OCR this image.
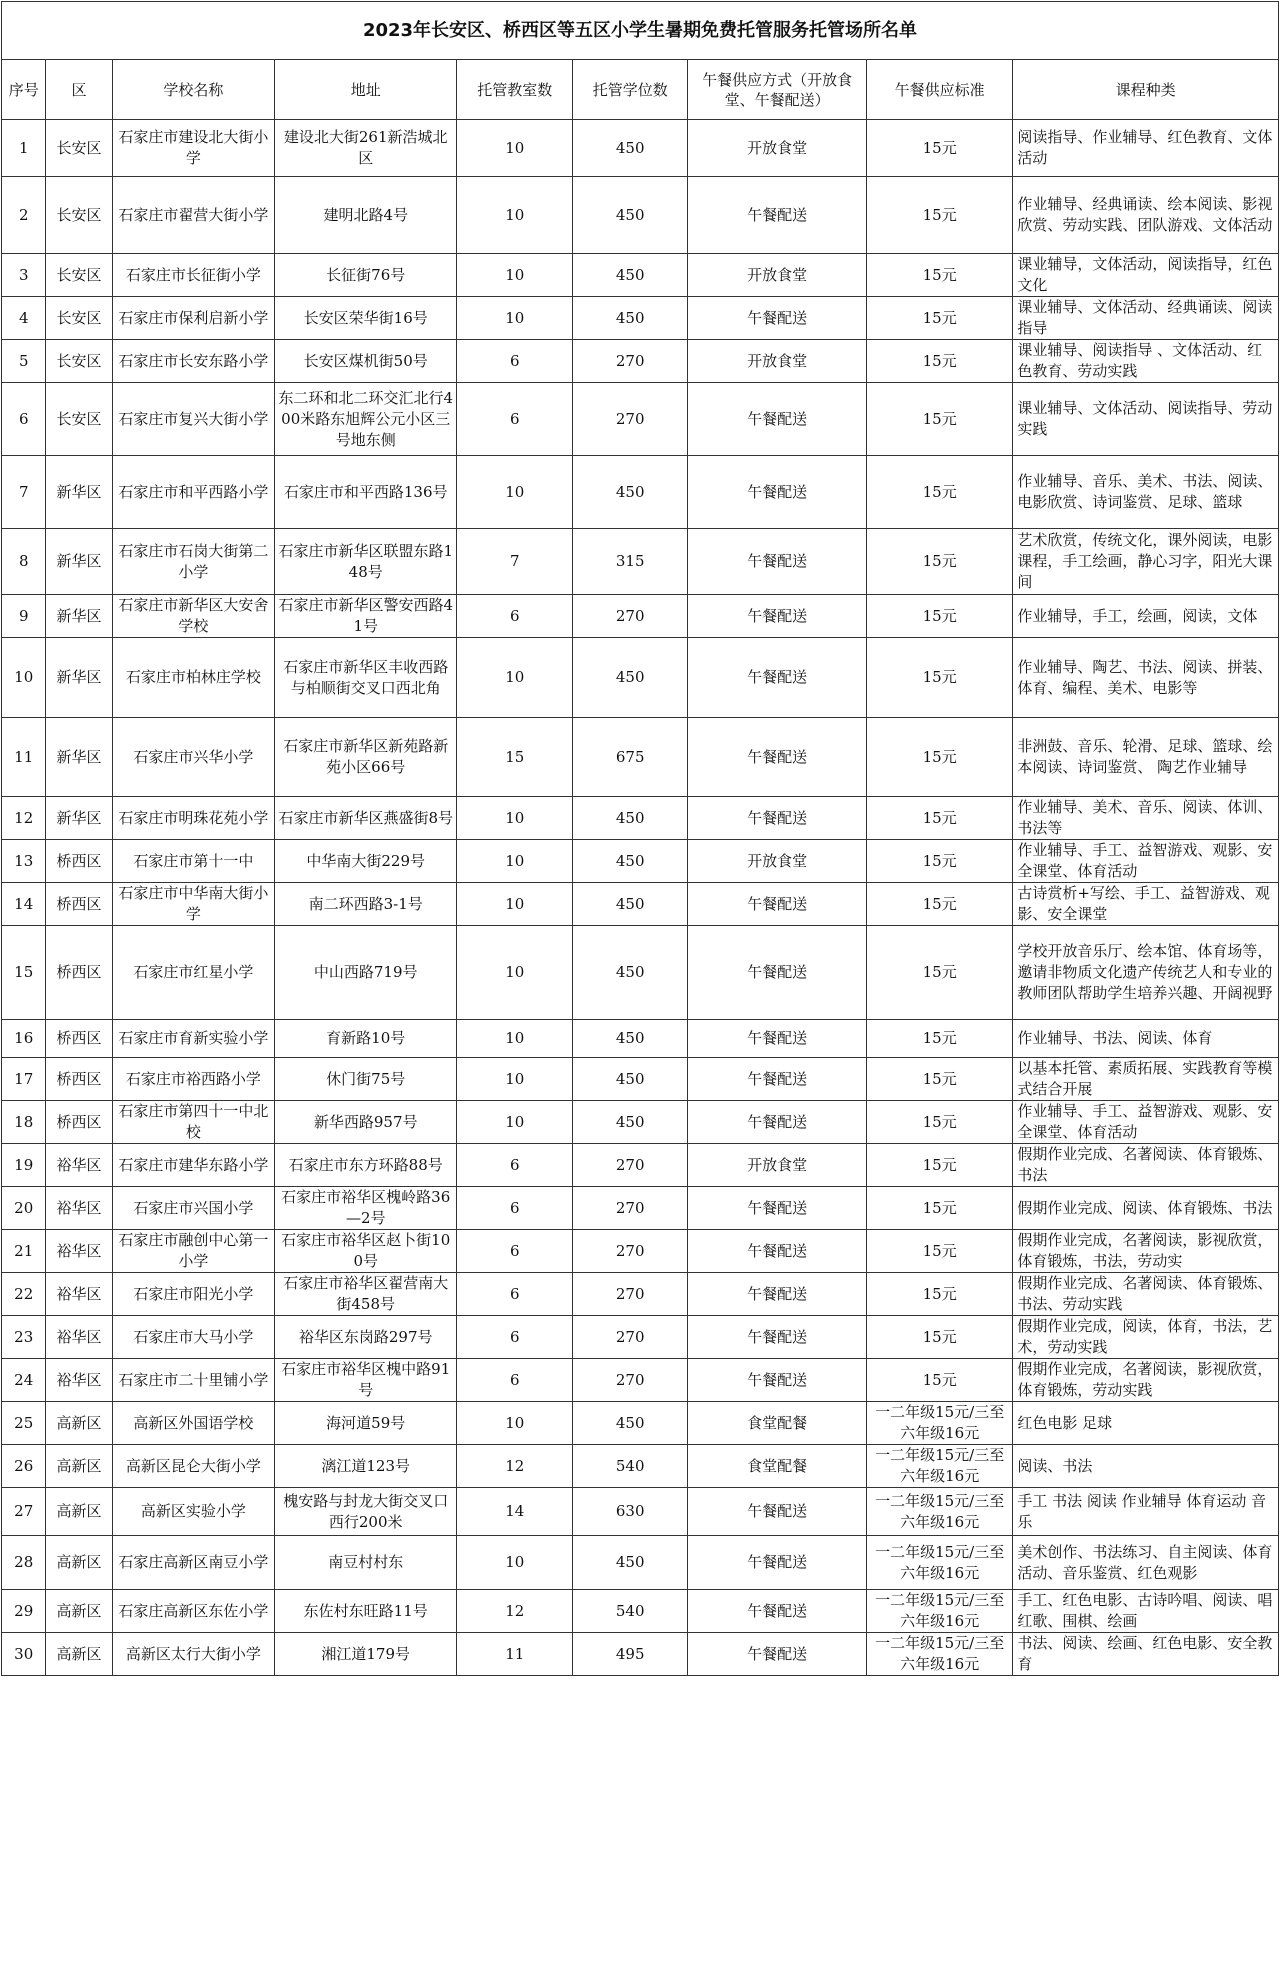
2023年长安区、桥西区等五区小学生暑期免费托管服务托管场所名单								
序号	区	学校名称	地址	托管教室数	托管学位数	午餐供应方式（开放食堂、午餐配送）	午餐供应标准	课程种类
1	长安区	石家庄市建设北大街小学	建设北大街261新浩城北区	10	450	开放食堂	15元	阅读指导、作业辅导、红色教育、文体活动
2	长安区	石家庄市翟营大街小学	建明北路4号	10	450	午餐配送	15元	作业辅导、经典诵读、绘本阅读、影视欣赏、劳动实践、团队游戏、文体活动
3	长安区	石家庄市长征街小学	长征街76号	10	450	开放食堂	15元	课业辅导，文体活动，阅读指导，红色文化
4	长安区	石家庄市保利启新小学	长安区荣华街16号	10	450	午餐配送	15元	课业辅导、文体活动、经典诵读、阅读指导
5	长安区	石家庄市长安东路小学	长安区煤机街50号	6	270	开放食堂	15元	课业辅导、阅读指导 、文体活动、红色教育、劳动实践
6	长安区	石家庄市复兴大街小学	东二环和北二环交汇北行400米路东旭辉公元小区三号地东侧	6	270	午餐配送	15元	课业辅导、文体活动、阅读指导、劳动实践
7	新华区	石家庄市和平西路小学	石家庄市和平西路136号	10	450	午餐配送	15元	作业辅导、音乐、美术、书法、阅读、电影欣赏、诗词鉴赏、足球、篮球
8	新华区	石家庄市石岗大街第二小学	石家庄市新华区联盟东路148号	7	315	午餐配送	15元	艺术欣赏，传统文化，课外阅读，电影课程，手工绘画，静心习字，阳光大课间
9	新华区	石家庄市新华区大安舍学校	石家庄市新华区警安西路41号	6	270	午餐配送	15元	作业辅导，手工，绘画，阅读，文体
10	新华区	石家庄市柏林庄学校	石家庄市新华区丰收西路与柏顺街交叉口西北角	10	450	午餐配送	15元	作业辅导、陶艺、书法、阅读、拼装、体育、编程、美术、电影等
11	新华区	石家庄市兴华小学	石家庄市新华区新苑路新苑小区66号	15	675	午餐配送	15元	非洲鼓、音乐、轮滑、足球、篮球、绘本阅读、诗词鉴赏、 陶艺作业辅导
12	新华区	石家庄市明珠花苑小学	石家庄市新华区燕盛街8号	10	450	午餐配送	15元	作业辅导、美术、音乐、阅读、体训、书法等
13	桥西区	石家庄市第十一中	中华南大街229号	10	450	开放食堂	15元	作业辅导、手工、益智游戏、观影、安全课堂、体育活动
14	桥西区	石家庄市中华南大街小学	南二环西路3-1号	10	450	午餐配送	15元	古诗赏析+写绘、手工、益智游戏、观影、安全课堂
15	桥西区	石家庄市红星小学	中山西路719号	10	450	午餐配送	15元	学校开放音乐厅、绘本馆、体育场等，邀请非物质文化遗产传统艺人和专业的教师团队帮助学生培养兴趣、开阔视野
16	桥西区	石家庄市育新实验小学	育新路10号	10	450	午餐配送	15元	作业辅导、书法、阅读、体育
17	桥西区	石家庄市裕西路小学	休门街75号	10	450	午餐配送	15元	以基本托管、素质拓展、实践教育等模式结合开展
18	桥西区	石家庄市第四十一中北校	新华西路957号	10	450	午餐配送	15元	作业辅导、手工、益智游戏、观影、安全课堂、体育活动
19	裕华区	石家庄市建华东路小学	石家庄市东方环路88号	6	270	开放食堂	15元	假期作业完成、名著阅读、体育锻炼、书法
20	裕华区	石家庄市兴国小学	石家庄市裕华区槐岭路36—2号	6	270	午餐配送	15元	假期作业完成、阅读、体育锻炼、书法
21	裕华区	石家庄市融创中心第一小学	石家庄市裕华区赵卜街100号	6	270	午餐配送	15元	假期作业完成，名著阅读，影视欣赏，体育锻炼，书法，劳动实
22	裕华区	石家庄市阳光小学	石家庄市裕华区翟营南大街458号	6	270	午餐配送	15元	假期作业完成、名著阅读、体育锻炼、书法、劳动实践
23	裕华区	石家庄市大马小学	裕华区东岗路297号	6	270	午餐配送	15元	假期作业完成，阅读，体育，书法，艺术，劳动实践
24	裕华区	石家庄市二十里铺小学	石家庄市裕华区槐中路91号	6	270	午餐配送	15元	假期作业完成，名著阅读，影视欣赏，体育锻炼，劳动实践
25	高新区	高新区外国语学校	海河道59号	10	450	食堂配餐	一二年级15元/三至六年级16元	红色电影 足球
26	高新区	高新区昆仑大街小学	漓江道123号	12	540	食堂配餐	一二年级15元/三至六年级16元	阅读、书法
27	高新区	高新区实验小学	槐安路与封龙大街交叉口西行200米	14	630	午餐配送	一二年级15元/三至六年级16元	手工 书法 阅读 作业辅导 体育运动 音乐
28	高新区	石家庄高新区南豆小学	南豆村村东	10	450	午餐配送	一二年级15元/三至六年级16元	美术创作、书法练习、自主阅读、体育活动、音乐鉴赏、红色观影
29	高新区	石家庄高新区东佐小学	东佐村东旺路11号	12	540	午餐配送	一二年级15元/三至六年级16元	手工、红色电影、古诗吟唱、阅读、唱红歌、围棋、绘画
30	高新区	高新区太行大街小学	湘江道179号	11	495	午餐配送	一二年级15元/三至六年级16元	书法、阅读、绘画、红色电影、安全教育
